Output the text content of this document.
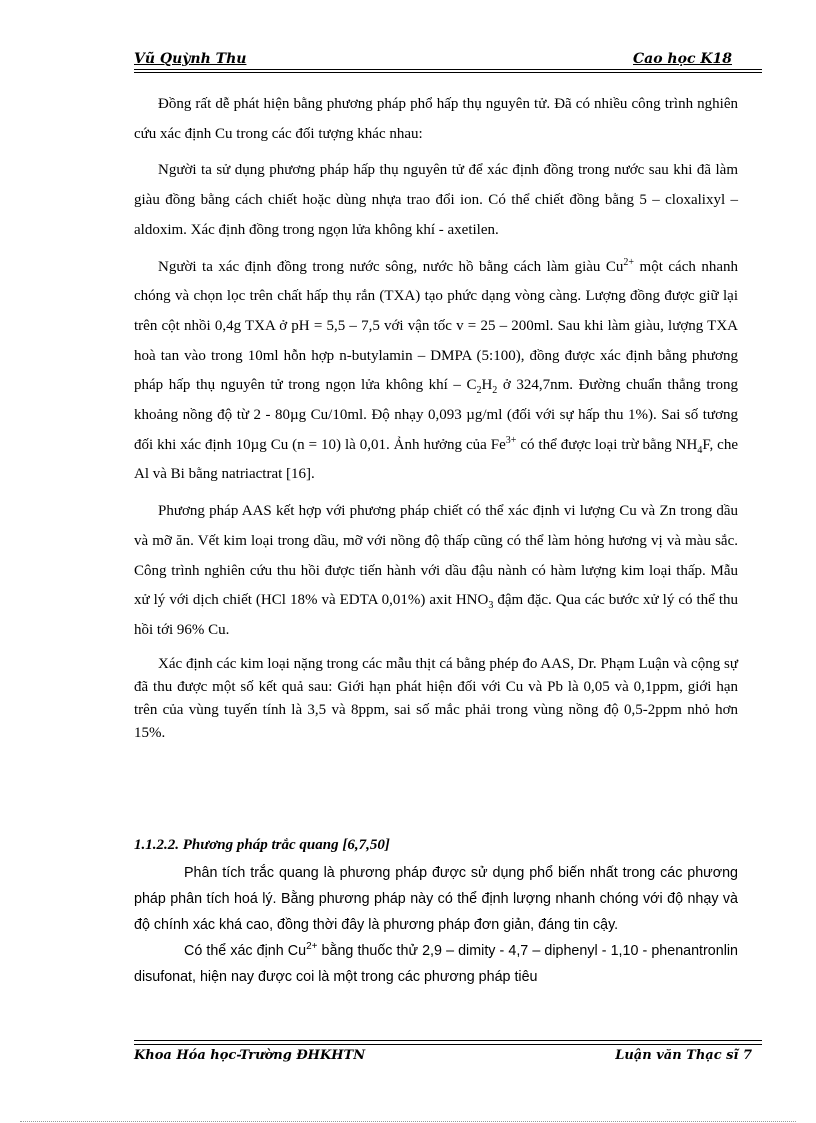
Vũ Quỳnh Thu	Cao học K18

Đồng rất dễ phát hiện bằng phương pháp phổ hấp thụ nguyên tử. Đã có nhiều công trình nghiên cứu xác định Cu trong các đối tượng khác nhau:

Người ta sử dụng phương pháp hấp thụ nguyên tử để xác định đồng trong nước sau khi đã làm giàu đồng bằng cách chiết hoặc dùng nhựa trao đổi ion. Có thể chiết đồng bằng 5 – cloxalixyl – aldoxim. Xác định đồng trong ngọn lửa không khí - axetilen.

Người ta xác định đồng trong nước sông, nước hồ bằng cách làm giàu $Cu^{2+}$ một cách nhanh chóng và chọn lọc trên chất hấp thụ rắn (TXA) tạo phức dạng vòng càng. Lượng đồng được giữ lại trên cột nhồi 0,4g TXA ở pH = 5,5 – 7,5 với vận tốc v = 25 – 200ml. Sau khi làm giàu, lượng TXA hoà tan vào trong 10ml hỗn hợp n-butylamin – DMPA (5:100), đồng được xác định bằng phương pháp hấp thụ nguyên tử trong ngọn lửa không khí – $C_2H_2$ ở 324,7nm. Đường chuẩn thẳng trong khoảng nồng độ từ 2 - 80µg Cu/10ml. Độ nhạy 0,093 µg/ml (đối với sự hấp thu 1%). Sai số tương đối khi xác định 10µg Cu (n = 10) là 0,01. Ảnh hưởng của $Fe^{3+}$ có thể được loại trừ bằng $NH_4F$, che Al và Bi bằng natriactrat [16].

Phương pháp AAS kết hợp với phương pháp chiết có thể xác định vi lượng Cu và Zn trong dầu và mỡ ăn. Vết kim loại trong dầu, mỡ với nồng độ thấp cũng có thể làm hỏng hương vị và màu sắc. Công trình nghiên cứu thu hồi được tiến hành với dầu đậu nành có hàm lượng kim loại thấp. Mẫu xử lý với dịch chiết (HCl 18% và EDTA 0,01%) axit $HNO_3$ đậm đặc. Qua các bước xử lý có thể thu hồi tới 96% Cu.

Xác định các kim loại nặng trong các mẫu thịt cá bằng phép đo AAS, Dr. Phạm Luận và cộng sự đã thu được một số kết quả sau: Giới hạn phát hiện đối với Cu và Pb là 0,05 và 0,1ppm, giới hạn trên của vùng tuyến tính là 3,5 và 8ppm, sai số mắc phải trong vùng nồng độ 0,5-2ppm nhỏ hơn 15%.

1.1.2.2. Phương pháp trắc quang [6,7,50]

Phân tích trắc quang là phương pháp được sử dụng phổ biến nhất trong các phương pháp phân tích hoá lý. Bằng phương pháp này có thể định lượng nhanh chóng với độ nhạy và độ chính xác khá cao, đồng thời đây là phương pháp đơn giản, đáng tin cậy.

Có thể xác định $Cu^{2+}$ bằng thuốc thử 2,9 – dimity - 4,7 – diphenyl - 1,10 - phenantronlin disufonat, hiện nay được coi là một trong các phương pháp tiêu

Khoa Hóa học-Trường ĐHKHTN	Luận văn Thạc sĩ 7
